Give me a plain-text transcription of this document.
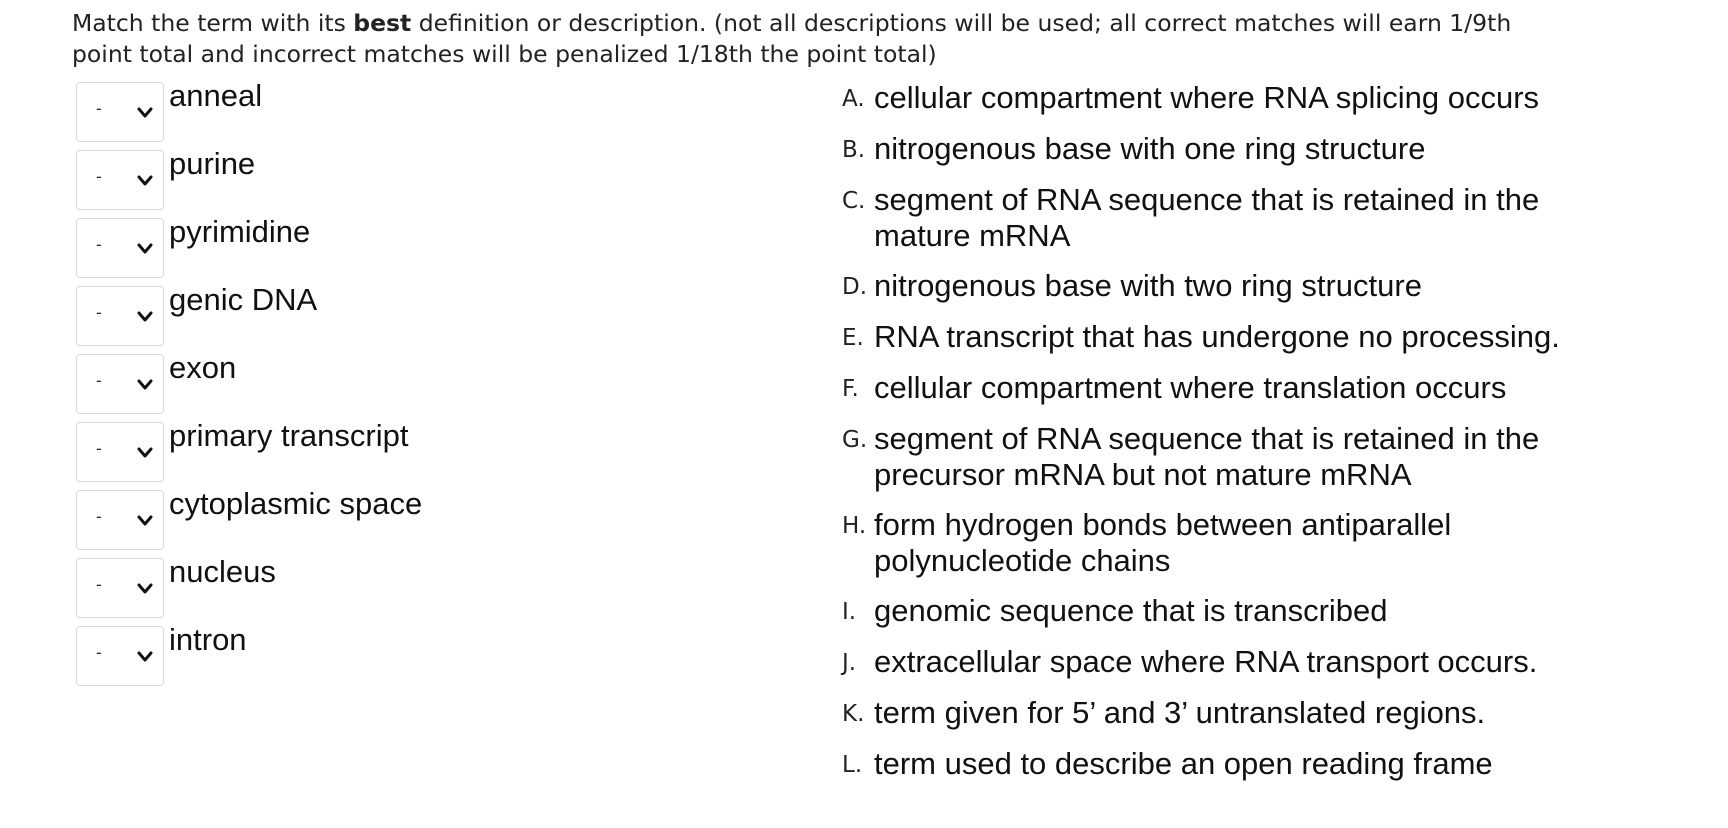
Match the term with its best definition or description. (not all descriptions will be used; all correct matches will earn 1/9th point total and incorrect matches will be penalized 1/18th the point total)
- anneal
- purine
- pyrimidine
- genic DNA
- exon
- primary transcript
- cytoplasmic space
- nucleus
- intron
A. cellular compartment where RNA splicing occurs
B. nitrogenous base with one ring structure
C. segment of RNA sequence that is retained in the mature mRNA
D. nitrogenous base with two ring structure
E. RNA transcript that has undergone no processing.
F. cellular compartment where translation occurs
G. segment of RNA sequence that is retained in the precursor mRNA but not mature mRNA
H. form hydrogen bonds between antiparallel polynucleotide chains
I. genomic sequence that is transcribed
J. extracellular space where RNA transport occurs.
K. term given for 5’ and 3’ untranslated regions.
L. term used to describe an open reading frame
